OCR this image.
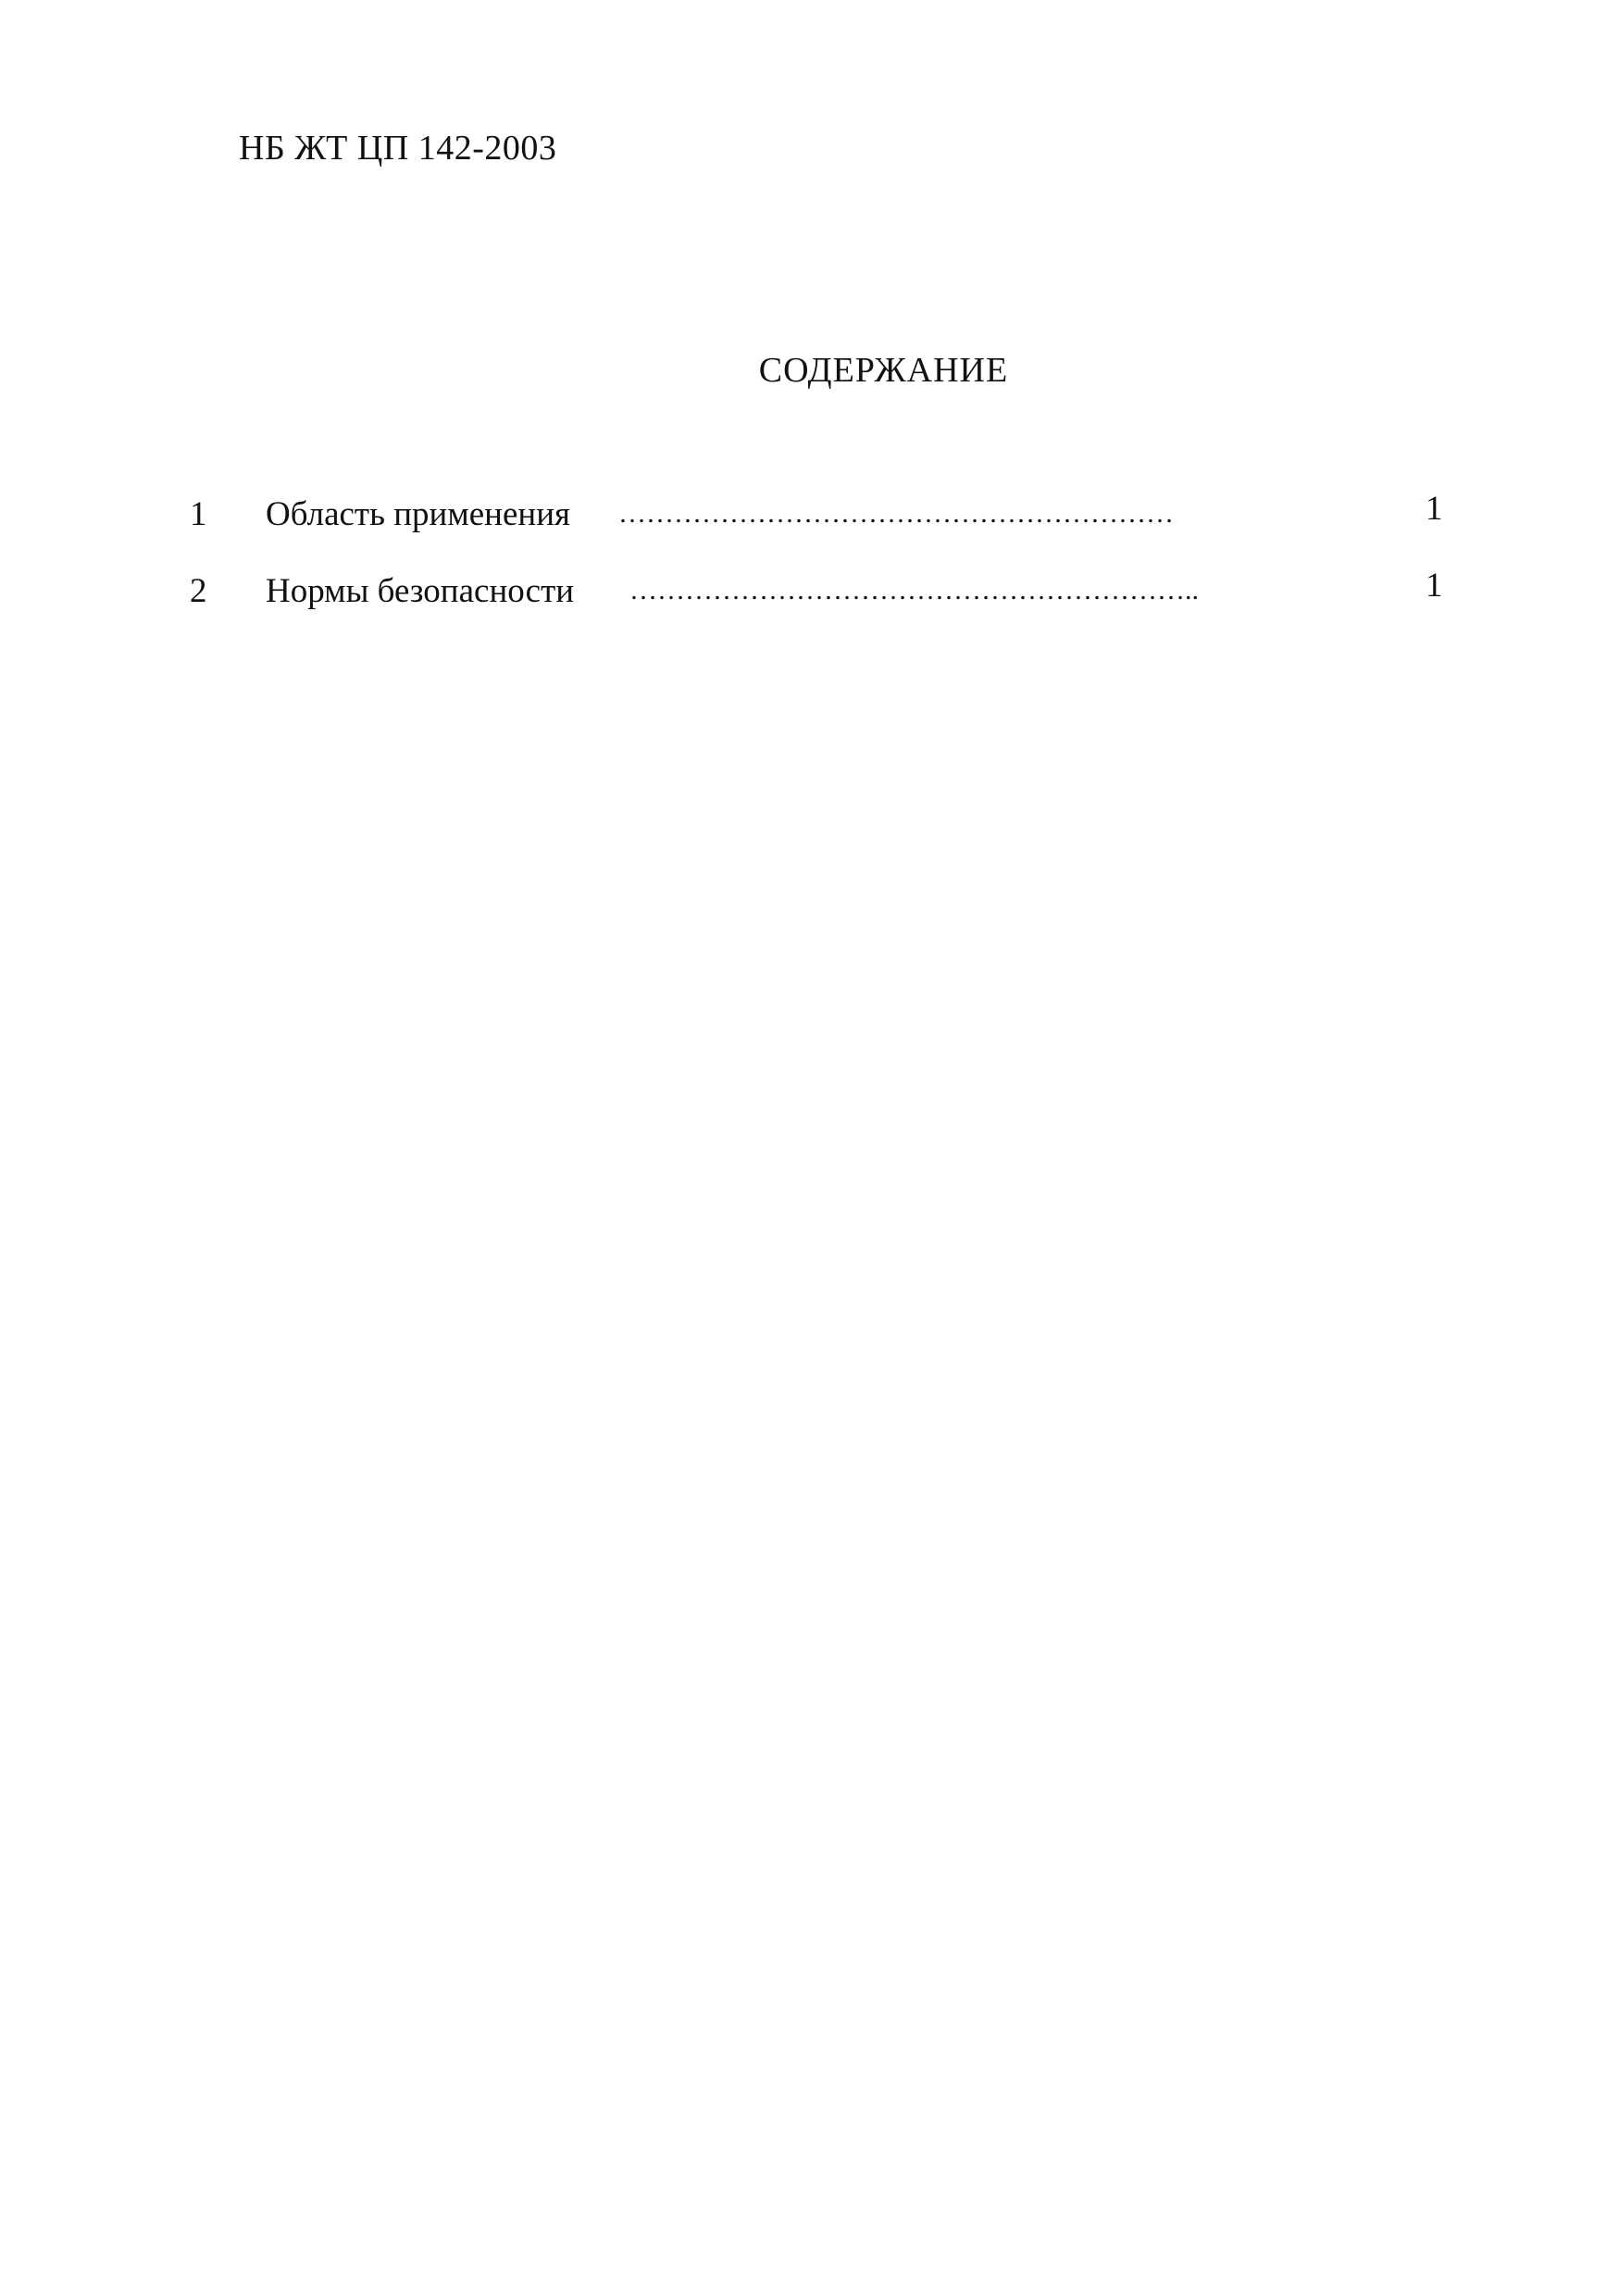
НБ ЖТ ЦП 142-2003
СОДЕРЖАНИЕ
1 Область применения ……………………………………………………	1
2 Нормы безопасности ……………………………………………………..	1
